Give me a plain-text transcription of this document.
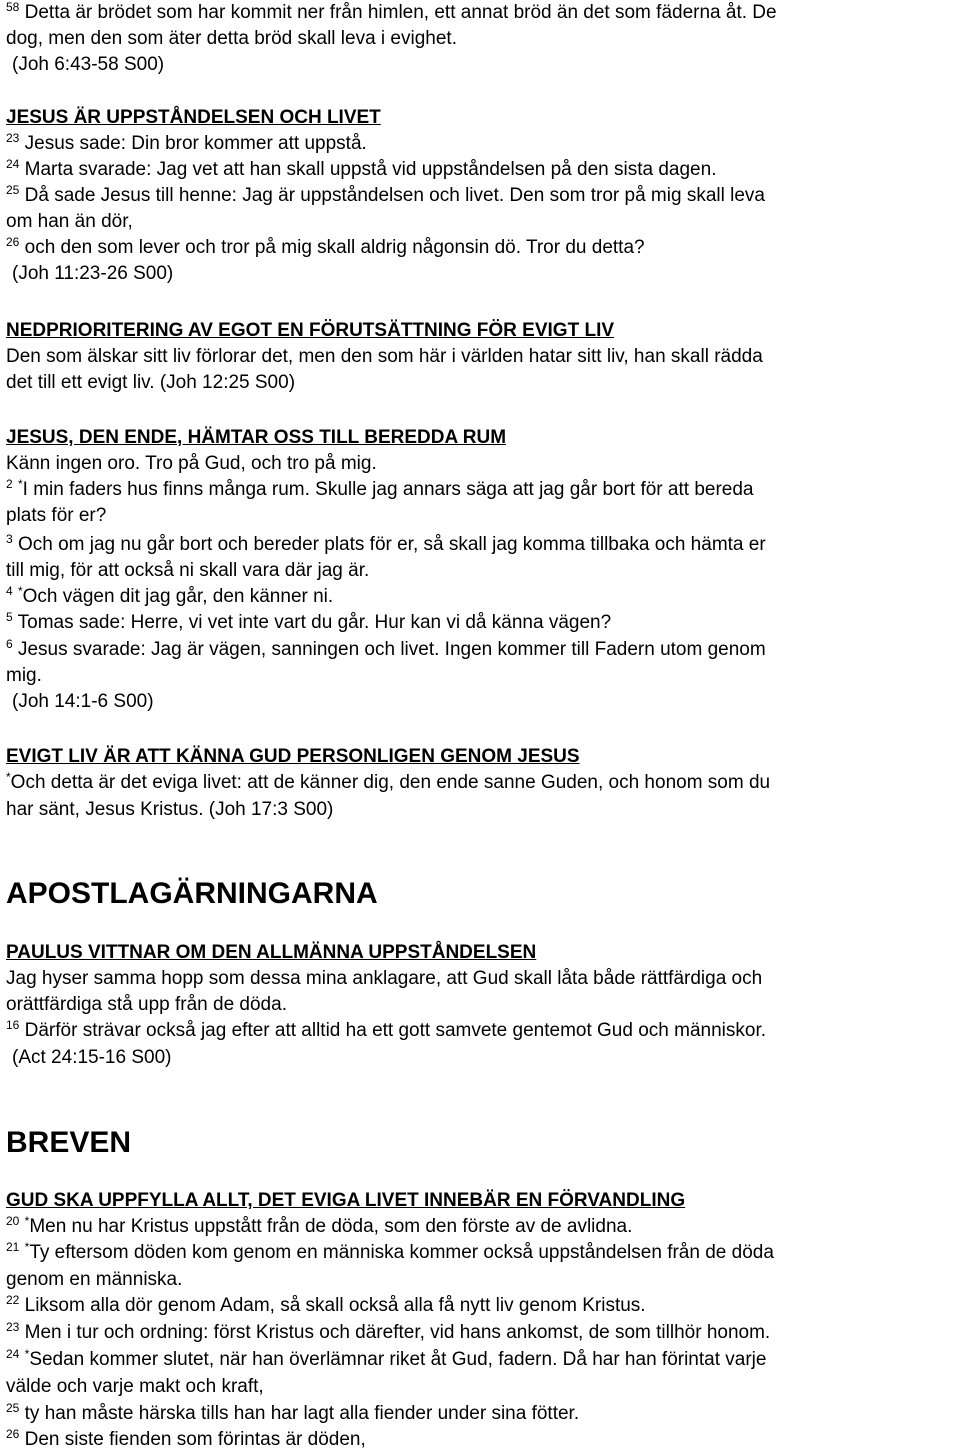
$^{58}$ Detta är brödet som har kommit ner från himlen, ett annat bröd än det som fäderna åt. De
dog, men den som äter detta bröd skall leva i evighet.
(Joh 6:43-58 S00)
JESUS ÄR UPPSTÅNDELSEN OCH LIVET
$^{23}$ Jesus sade: Din bror kommer att uppstå.
$^{24}$ Marta svarade: Jag vet att han skall uppstå vid uppståndelsen på den sista dagen.
$^{25}$ Då sade Jesus till henne: Jag är uppståndelsen och livet. Den som tror på mig skall leva
om han än dör,
$^{26}$ och den som lever och tror på mig skall aldrig någonsin dö. Tror du detta?
(Joh 11:23-26 S00)
NEDPRIORITERING AV EGOT EN FÖRUTSÄTTNING FÖR EVIGT LIV
Den som älskar sitt liv förlorar det, men den som här i världen hatar sitt liv, han skall rädda
det till ett evigt liv. (Joh 12:25 S00)
JESUS, DEN ENDE, HÄMTAR OSS TILL BEREDDA RUM
Känn ingen oro. Tro på Gud, och tro på mig.
$^2$ *I min faders hus finns många rum. Skulle jag annars säga att jag går bort för att bereda
plats för er?
$^3$ Och om jag nu går bort och bereder plats för er, så skall jag komma tillbaka och hämta er
till mig, för att också ni skall vara där jag är.
$^4$ *Och vägen dit jag går, den känner ni.
$^5$ Tomas sade: Herre, vi vet inte vart du går. Hur kan vi då känna vägen?
$^6$ Jesus svarade: Jag är vägen, sanningen och livet. Ingen kommer till Fadern utom genom
mig.
(Joh 14:1-6 S00)
EVIGT LIV ÄR ATT KÄNNA GUD PERSONLIGEN GENOM JESUS
*Och detta är det eviga livet: att de känner dig, den ende sanne Guden, och honom som du
har sänt, Jesus Kristus. (Joh 17:3 S00)
APOSTLAGÄRNINGARNA
PAULUS VITTNAR OM DEN ALLMÄNNA UPPSTÅNDELSEN
Jag hyser samma hopp som dessa mina anklagare, att Gud skall låta både rättfärdiga och
orättfärdiga stå upp från de döda.
$^{16}$ Därför strävar också jag efter att alltid ha ett gott samvete gentemot Gud och människor.
(Act 24:15-16 S00)
BREVEN
GUD SKA UPPFYLLA ALLT, DET EVIGA LIVET INNEBÄR EN FÖRVANDLING
$^{20}$ *Men nu har Kristus uppstått från de döda, som den förste av de avlidna.
$^{21}$ *Ty eftersom döden kom genom en människa kommer också uppståndelsen från de döda
genom en människa.
$^{22}$ Liksom alla dör genom Adam, så skall också alla få nytt liv genom Kristus.
$^{23}$ Men i tur och ordning: först Kristus och därefter, vid hans ankomst, de som tillhör honom.
$^{24}$ *Sedan kommer slutet, när han överlämnar riket åt Gud, fadern. Då har han förintat varje
välde och varje makt och kraft,
$^{25}$ ty han måste härska tills han har lagt alla fiender under sina fötter.
$^{26}$ Den siste fienden som förintas är döden,
